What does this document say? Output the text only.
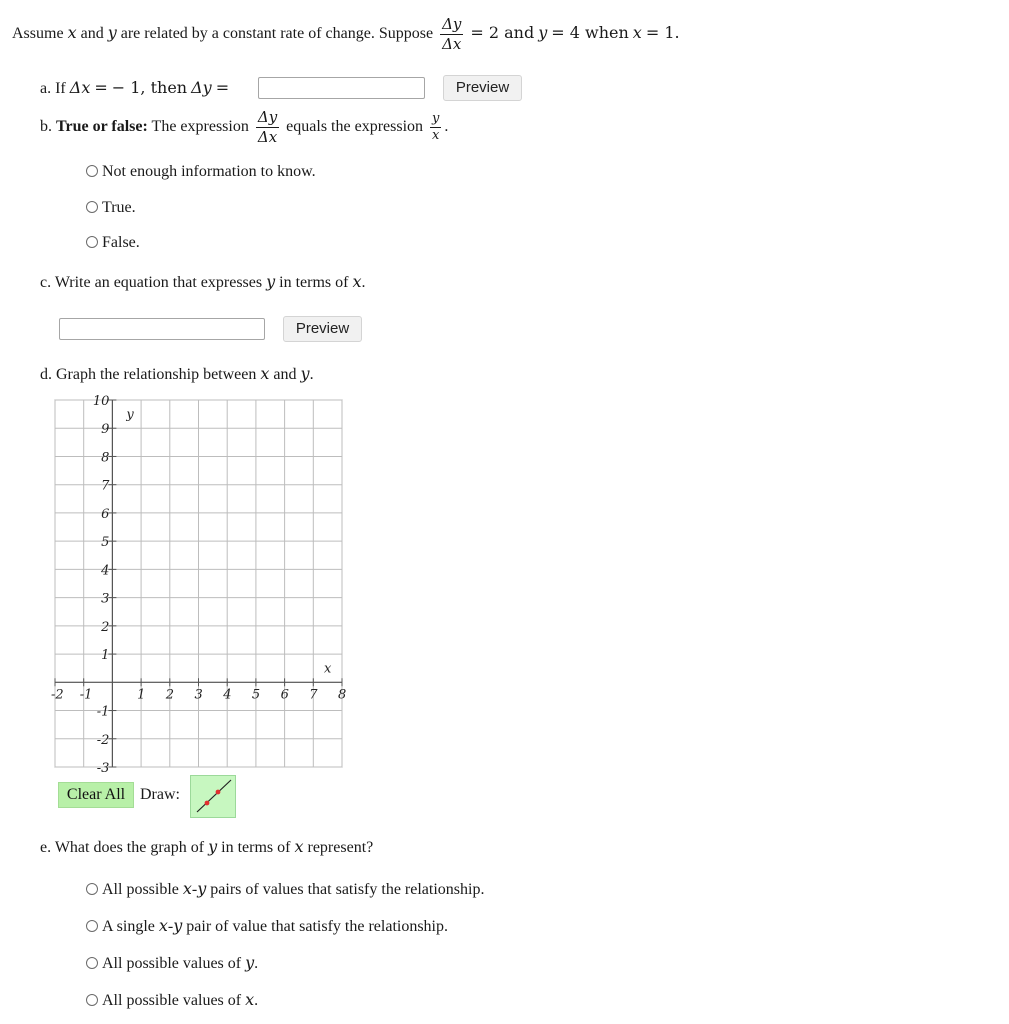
Assume x and y are related by a constant rate of change. Suppose $\frac{\Delta y}{\Delta x} = 2$ and y = 4 when x = 1.
a. If Δx = − 1, then Δy =	Preview
b. True or false: The expression $\frac{\Delta y}{\Delta x}$ equals the expression $\frac{y}{x}$ .
Not enough information to know.
True.
False.
c. Write an equation that expresses y in terms of x.
Preview
d. Graph the relationship between x and y.
-2 -1	1 2 3 4 5 6 7 8
10
9
8
7
6
5
4
3
2
1
-1
-2
-3
x
y
Clear All Draw:
e. What does the graph of y in terms of x represent?
All possible x-y pairs of values that satisfy the relationship.
A single x-y pair of value that satisfy the relationship.
All possible values of y.
All possible values of x.
